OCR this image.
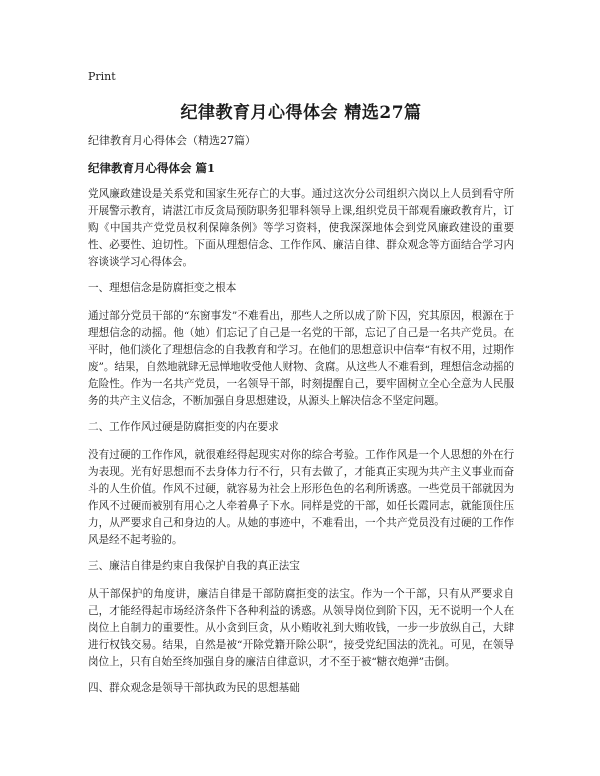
Print
纪律教育月心得体会 精选27篇

纪律教育月心得体会（精选27篇）

纪律教育月心得体会 篇1

党风廉政建设是关系党和国家生死存亡的大事。通过这次分公司组织六岗以上人员到看守所开展警示教育，请湛江市反贪局预防职务犯罪科领导上课,组织党员干部观看廉政教育片，订购《中国共产党党员权利保障条例》等学习资料，使我深深地体会到党风廉政建设的重要性、必要性、迫切性。下面从理想信念、工作作风、廉洁自律、群众观念等方面结合学习内容谈谈学习心得体会。

一、理想信念是防腐拒变之根本

通过部分党员干部的“东窗事发”不难看出，那些人之所以成了阶下囚，究其原因，根源在于理想信念的动摇。他（她）们忘记了自己是一名党的干部，忘记了自己是一名共产党员。在平时，他们淡化了理想信念的自我教育和学习。在他们的思想意识中信奉“有权不用，过期作废”。结果，自然地就肆无忌惮地收受他人财物、贪腐。从这些人不难看到，理想信念动摇的危险性。作为一名共产党员，一名领导干部，时刻提醒自己，要牢固树立全心全意为人民服务的共产主义信念，不断加强自身思想建设，从源头上解决信念不坚定问题。

二、工作作风过硬是防腐拒变的内在要求

没有过硬的工作作风，就很难经得起现实对你的综合考验。工作作风是一个人思想的外在行为表现。光有好思想而不去身体力行不行，只有去做了，才能真正实现为共产主义事业而奋斗的人生价值。作风不过硬，就容易为社会上形形色色的名利所诱惑。一些党员干部就因为作风不过硬而被别有用心之人牵着鼻子下水。同样是党的干部，如任长霞同志，就能顶住压力，从严要求自己和身边的人。从她的事迹中，不难看出，一个共产党员没有过硬的工作作风是经不起考验的。

三、廉洁自律是约束自我保护自我的真正法宝

从干部保护的角度讲，廉洁自律是干部防腐拒变的法宝。作为一个干部，只有从严要求自己，才能经得起市场经济条件下各种利益的诱惑。从领导岗位到阶下囚，无不说明一个人在岗位上自制力的重要性。从小贪到巨贪，从小贿收礼到大贿收钱，一步一步放纵自己，大肆进行权钱交易。结果，自然是被“开除党籍开除公职”，接受党纪国法的洗礼。可见，在领导岗位上，只有自始至终加强自身的廉洁自律意识，才不至于被“糖衣炮弹”击倒。

四、群众观念是领导干部执政为民的思想基础
